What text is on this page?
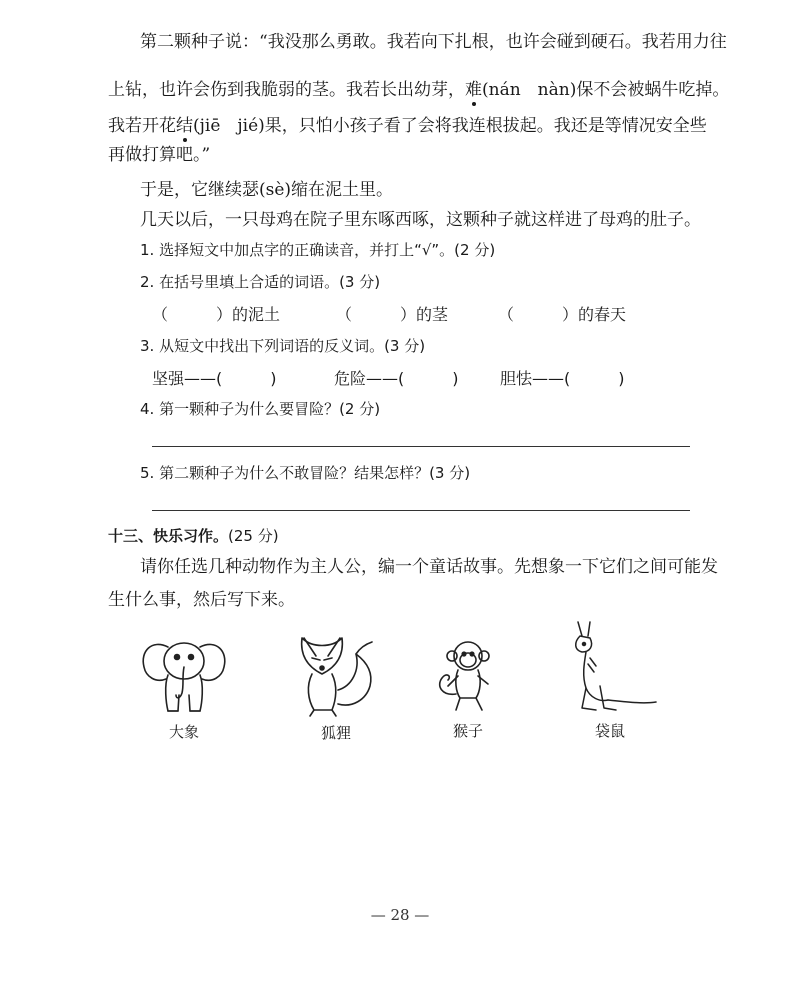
第二颗种子说：“我没那么勇敢。我若向下扎根，也许会碰到硬石。我若用力往
上钻，也许会伤到我脆弱的茎。我若长出幼芽，难(nán　nàn)保不会被蜗牛吃掉。
我若开花结(jiē　jié)果，只怕小孩子看了会将我连根拔起。我还是等情况安全些
再做打算吧。”
于是，它继续瑟(sè)缩在泥土里。
几天以后，一只母鸡在院子里东啄西啄，这颗种子就这样进了母鸡的肚子。
1. 选择短文中加点字的正确读音，并打上“√”。(2 分)
2. 在括号里填上合适的词语。(3 分)
（　　　）的泥土	（　　　）的茎	（　　　）的春天
3. 从短文中找出下列词语的反义词。(3 分)
坚强——(　　　)	危险——(　　　)	胆怯——(　　　)
4. 第一颗种子为什么要冒险？(2 分)
5. 第二颗种子为什么不敢冒险？结果怎样？(3 分)
十三、快乐习作。(25 分)
请你任选几种动物作为主人公，编一个童话故事。先想象一下它们之间可能发
生什么事，然后写下来。
大象	狐狸	猴子	袋鼠
— 28 —
